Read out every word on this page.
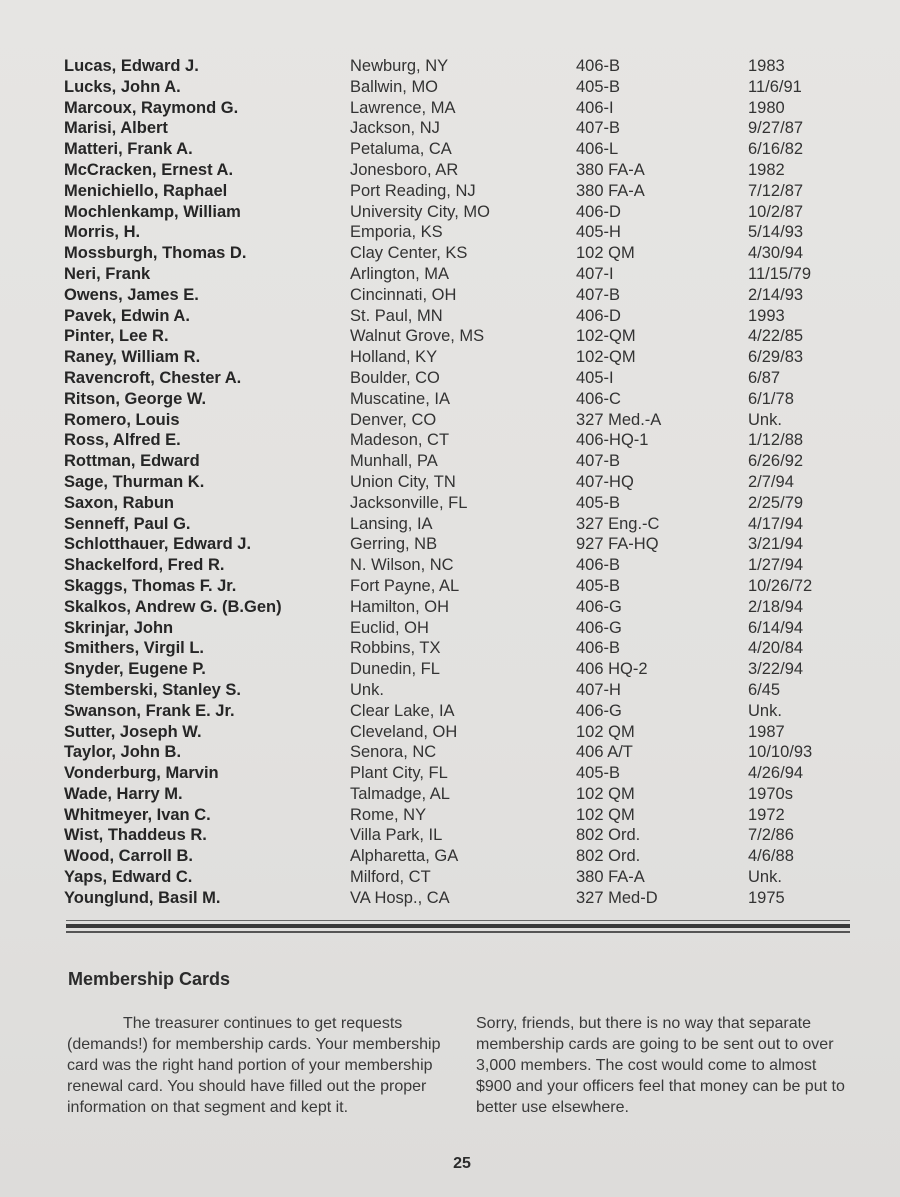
Lucas, Edward J.	Newburg, NY	406-B	1983
Lucks, John A.	Ballwin, MO	405-B	11/6/91
Marcoux, Raymond G.	Lawrence, MA	406-I	1980
Marisi, Albert	Jackson, NJ	407-B	9/27/87
Matteri, Frank A.	Petaluma, CA	406-L	6/16/82
McCracken, Ernest A.	Jonesboro, AR	380 FA-A	1982
Menichiello, Raphael	Port Reading, NJ	380 FA-A	7/12/87
Mochlenkamp, William	University City, MO	406-D	10/2/87
Morris, H.	Emporia, KS	405-H	5/14/93
Mossburgh, Thomas D.	Clay Center, KS	102 QM	4/30/94
Neri, Frank	Arlington, MA	407-I	11/15/79
Owens, James E.	Cincinnati, OH	407-B	2/14/93
Pavek, Edwin A.	St. Paul, MN	406-D	1993
Pinter, Lee R.	Walnut Grove, MS	102-QM	4/22/85
Raney, William R.	Holland, KY	102-QM	6/29/83
Ravencroft, Chester A.	Boulder, CO	405-I	6/87
Ritson, George W.	Muscatine, IA	406-C	6/1/78
Romero, Louis	Denver, CO	327 Med.-A	Unk.
Ross, Alfred E.	Madeson, CT	406-HQ-1	1/12/88
Rottman, Edward	Munhall, PA	407-B	6/26/92
Sage, Thurman K.	Union City, TN	407-HQ	2/7/94
Saxon, Rabun	Jacksonville, FL	405-B	2/25/79
Senneff, Paul G.	Lansing, IA	327 Eng.-C	4/17/94
Schlotthauer, Edward J.	Gerring, NB	927 FA-HQ	3/21/94
Shackelford, Fred R.	N. Wilson, NC	406-B	1/27/94
Skaggs, Thomas F. Jr.	Fort Payne, AL	405-B	10/26/72
Skalkos, Andrew G. (B.Gen)	Hamilton, OH	406-G	2/18/94
Skrinjar, John	Euclid, OH	406-G	6/14/94
Smithers, Virgil L.	Robbins, TX	406-B	4/20/84
Snyder, Eugene P.	Dunedin, FL	406 HQ-2	3/22/94
Stemberski, Stanley S.	Unk.	407-H	6/45
Swanson, Frank E. Jr.	Clear Lake, IA	406-G	Unk.
Sutter, Joseph W.	Cleveland, OH	102 QM	1987
Taylor, John B.	Senora, NC	406 A/T	10/10/93
Vonderburg, Marvin	Plant City, FL	405-B	4/26/94
Wade, Harry M.	Talmadge, AL	102 QM	1970s
Whitmeyer, Ivan C.	Rome, NY	102 QM	1972
Wist, Thaddeus R.	Villa Park, IL	802 Ord.	7/2/86
Wood, Carroll B.	Alpharetta, GA	802 Ord.	4/6/88
Yaps, Edward C.	Milford, CT	380 FA-A	Unk.
Younglund, Basil M.	VA Hosp., CA	327 Med-D	1975
Membership Cards
The treasurer continues to get requests (demands!) for membership cards. Your membership card was the right hand portion of your membership renewal card. You should have filled out the proper information on that segment and kept it.
Sorry, friends, but there is no way that separate membership cards are going to be sent out to over 3,000 members. The cost would come to almost $900 and your officers feel that money can be put to better use elsewhere.
25
